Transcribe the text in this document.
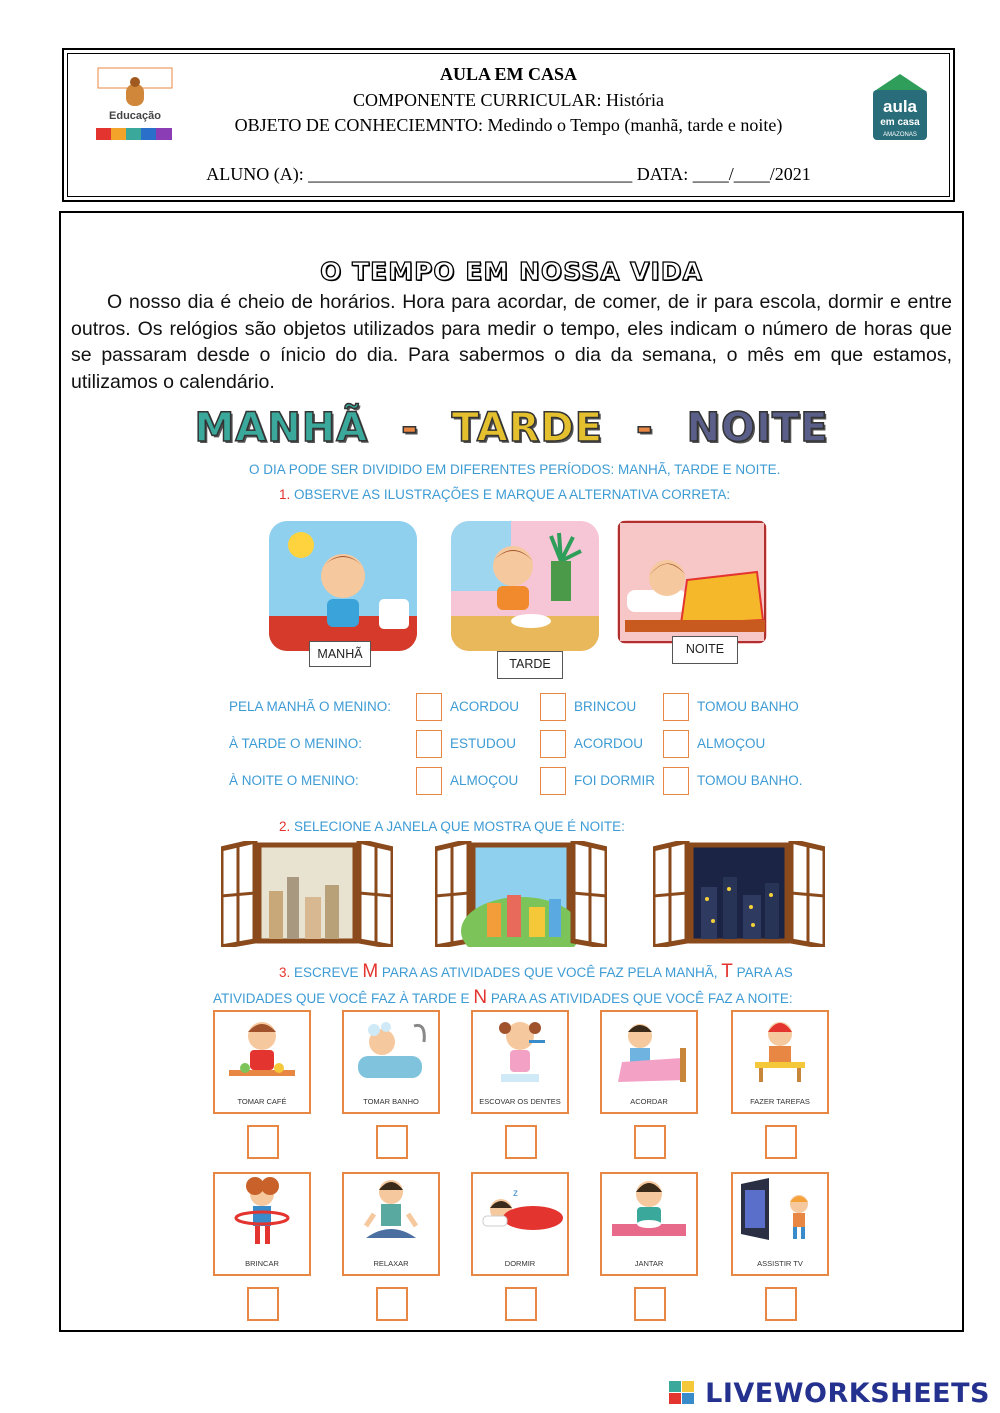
Educação
AULA EM CASA
COMPONENTE CURRICULAR: História
OBJETO DE CONHECIEMNTO: Medindo o Tempo (manhã, tarde e noite)
ALUNO (A): ____________________________________ DATA: ____/____/2021
aula
em casa
AMAZONAS
O TEMPO EM NOSSA VIDA

O nosso dia é cheio de horários. Hora para acordar, de comer, de ir para escola, dormir e entre outros. Os relógios são objetos utilizados para medir o tempo, eles indicam o número de horas que se passaram desde o ínicio do dia. Para sabermos o dia da semana, o mês em que estamos, utilizamos o calendário.

MANHÃ - TARDE - NOITE
O DIA PODE SER DIVIDIDO EM DIFERENTES PERÍODOS: MANHÃ, TARDE E NOITE.
1. OBSERVE AS ILUSTRAÇÕES E MARQUE A ALTERNATIVA CORRETA:
MANHÃ
TARDE
NOITE
PELA MANHÃ O MENINO:	ACORDOU	BRINCOU	TOMOU BANHO
À TARDE O MENINO:	ESTUDOU	ACORDOU	ALMOÇOU
À NOITE O MENINO:	ALMOÇOU	FOI DORMIR	TOMOU BANHO.
2. SELECIONE A JANELA QUE MOSTRA QUE É NOITE:
3. ESCREVE M PARA AS ATIVIDADES QUE VOCÊ FAZ PELA MANHÃ, T PARA AS
ATIVIDADES QUE VOCÊ FAZ À TARDE E N PARA AS ATIVIDADES QUE VOCÊ FAZ A NOITE:
TOMAR CAFÉ	TOMAR BANHO	ESCOVAR OS DENTES	ACORDAR	FAZER TAREFAS
BRINCAR	RELAXAR
z
DORMIR	JANTAR	ASSISTIR TV
LIVEWORKSHEETS
